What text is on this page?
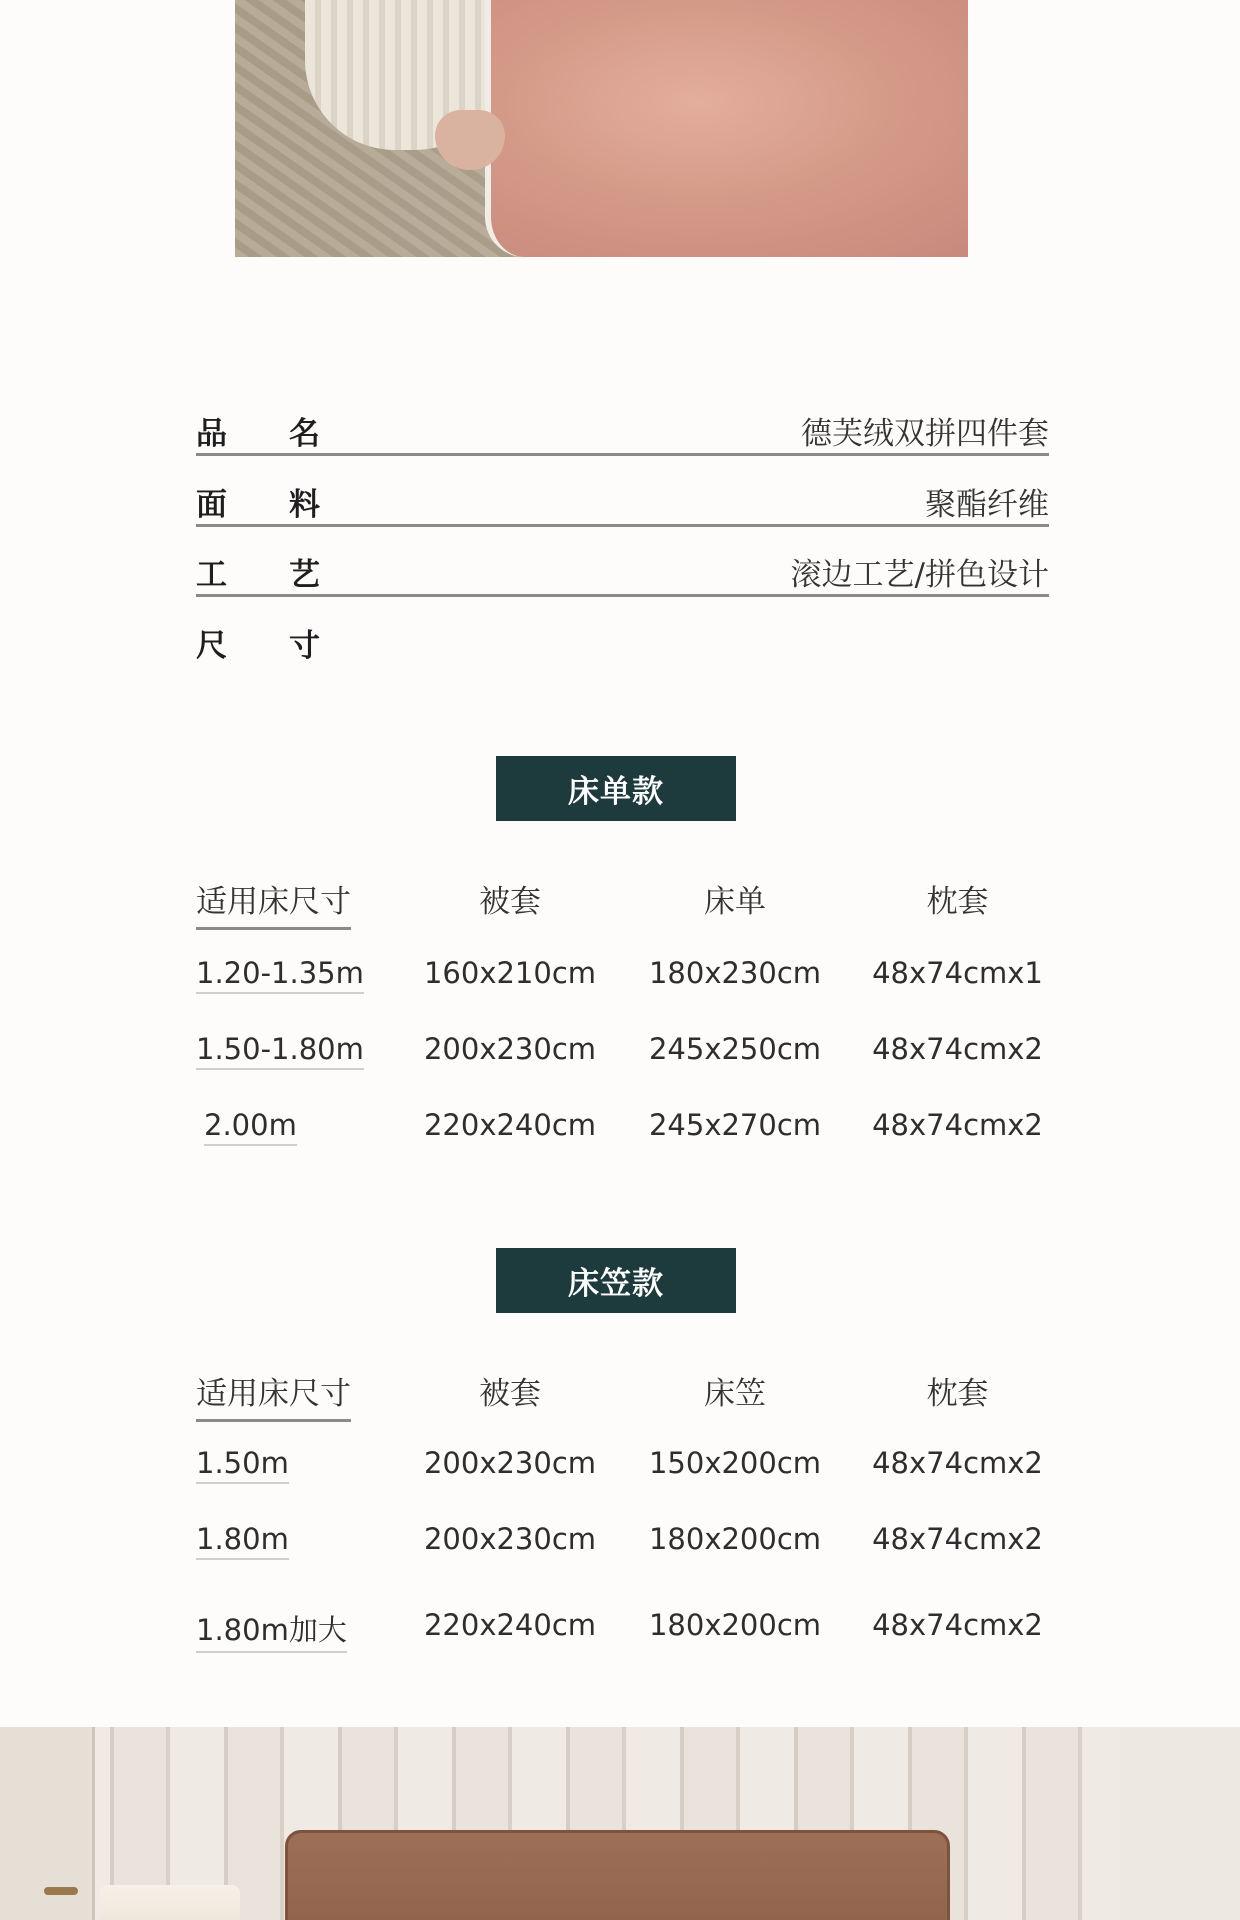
品名	德芙绒双拼四件套
面料	聚酯纤维
工艺	滚边工艺/拼色设计
尺寸
床单款
适用床尺寸	被套	床单	枕套
1.20-1.35m 160x210cm 180x230cm 48x74cmx1
1.50-1.80m 200x230cm 245x250cm 48x74cmx2
2.00m	220x240cm 245x270cm 48x74cmx2
床笠款
适用床尺寸	被套	床笠	枕套
1.50m	200x230cm 150x200cm 48x74cmx2
1.80m	200x230cm 180x200cm 48x74cmx2
1.80m加大	220x240cm 180x200cm 48x74cmx2
